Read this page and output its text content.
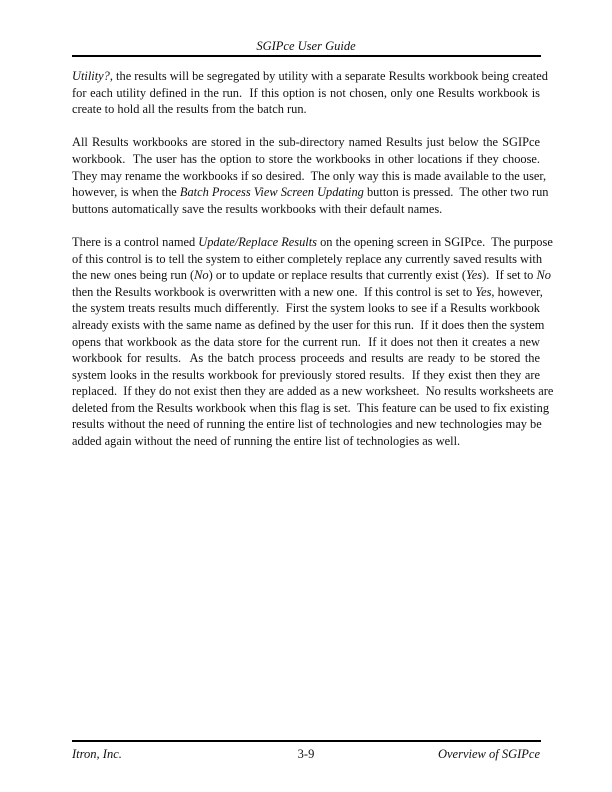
SGIPce User Guide
Utility?, the results will be segregated by utility with a separate Results workbook being created
for each utility defined in the run.  If this option is not chosen, only one Results workbook is
create to hold all the results from the batch run.
All Results workbooks are stored in the sub-directory named Results just below the SGIPce
workbook.  The user has the option to store the workbooks in other locations if they choose.
They may rename the workbooks if so desired.  The only way this is made available to the user,
however, is when the Batch Process View Screen Updating button is pressed.  The other two run
buttons automatically save the results workbooks with their default names.
There is a control named Update/Replace Results on the opening screen in SGIPce.  The purpose
of this control is to tell the system to either completely replace any currently saved results with
the new ones being run (No) or to update or replace results that currently exist (Yes).  If set to No
then the Results workbook is overwritten with a new one.  If this control is set to Yes, however,
the system treats results much differently.  First the system looks to see if a Results workbook
already exists with the same name as defined by the user for this run.  If it does then the system
opens that workbook as the data store for the current run.  If it does not then it creates a new
workbook for results.  As the batch process proceeds and results are ready to be stored the
system looks in the results workbook for previously stored results.  If they exist then they are
replaced.  If they do not exist then they are added as a new worksheet.  No results worksheets are
deleted from the Results workbook when this flag is set.  This feature can be used to fix existing
results without the need of running the entire list of technologies and new technologies may be
added again without the need of running the entire list of technologies as well.
Itron, Inc.	3-9	Overview of SGIPce
